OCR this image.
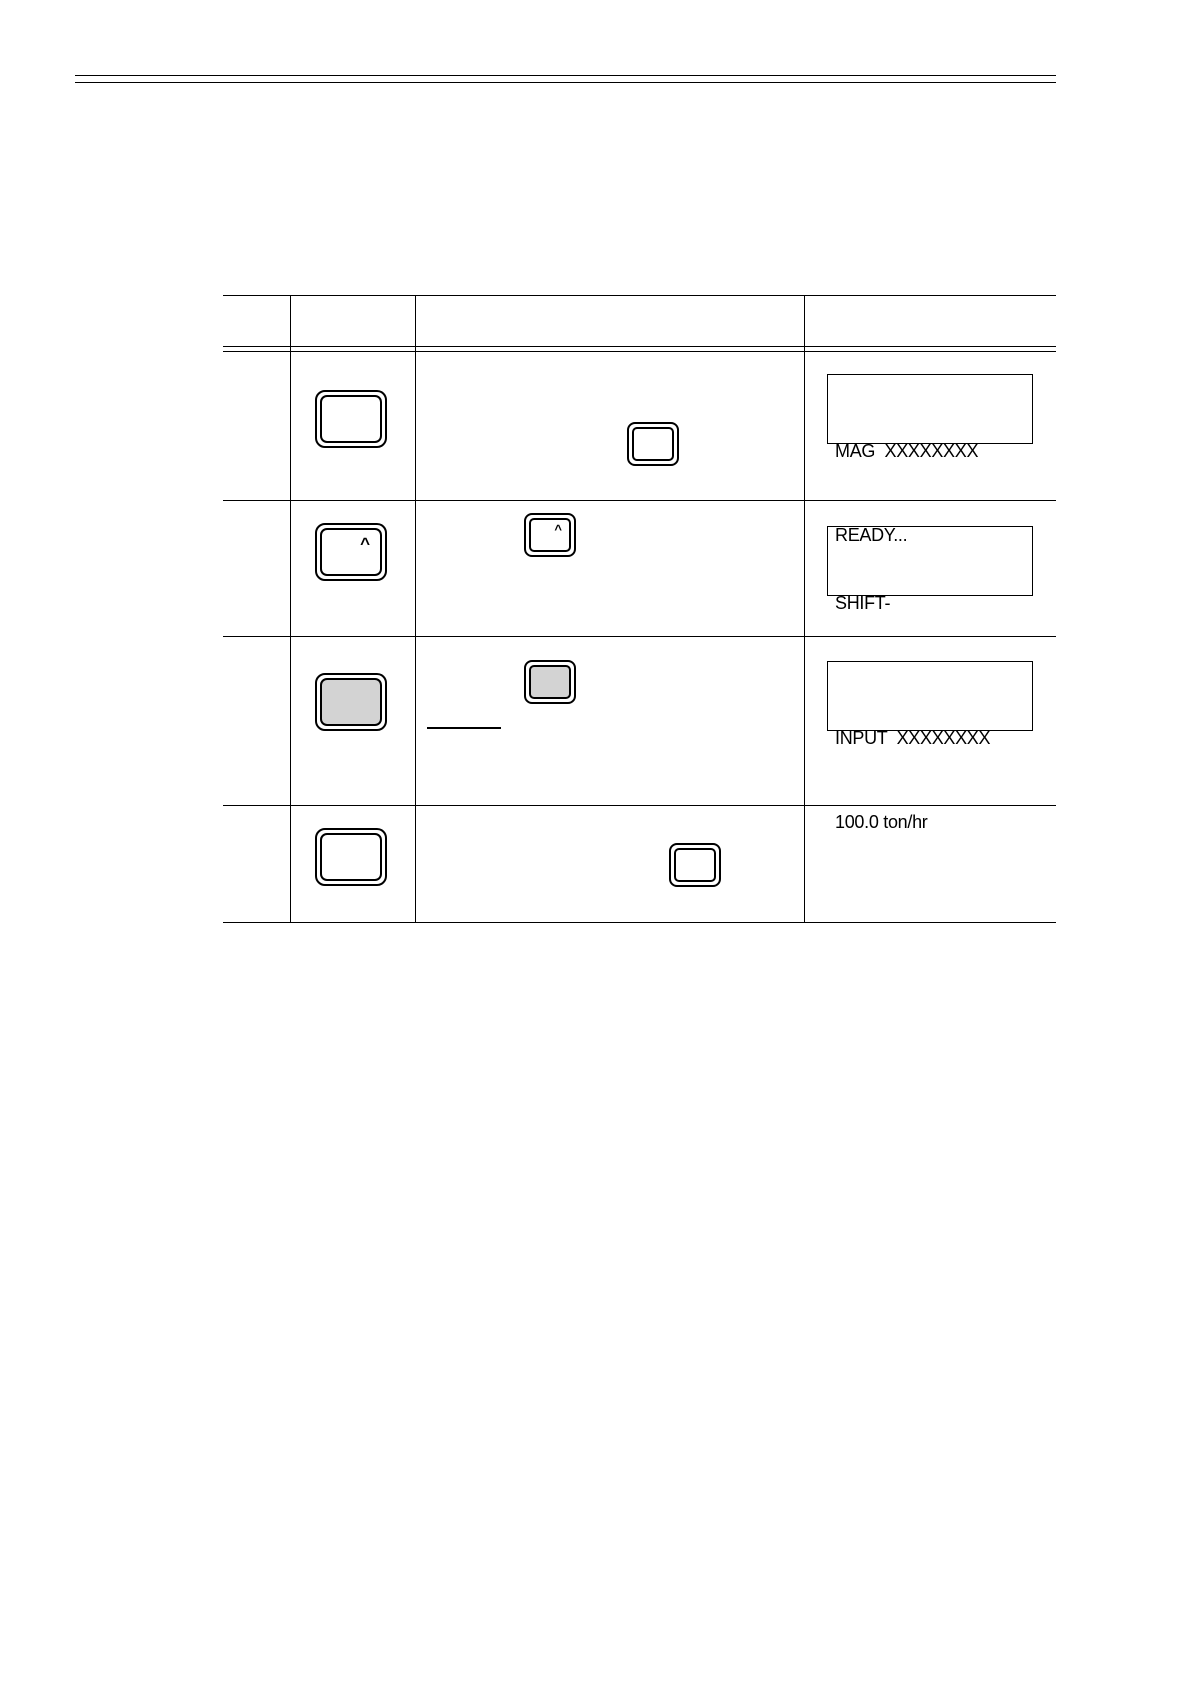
MAG  XXXXXXXX

READY...

^
^

SHIFT-

INPUT  XXXXXXXX

100.0 ton/hr
